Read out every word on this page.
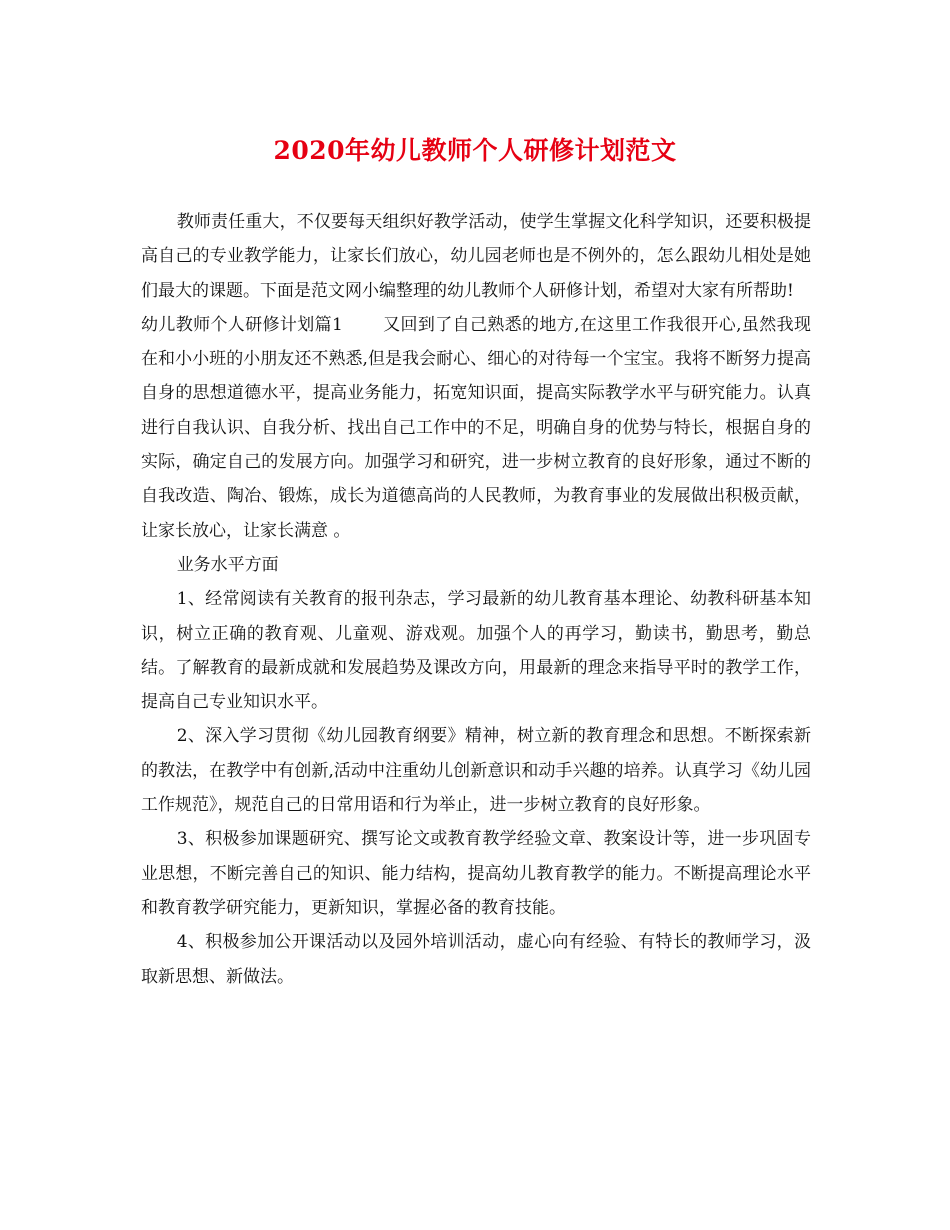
2020年幼儿教师个人研修计划范文

教师责任重大，不仅要每天组织好教学活动，使学生掌握文化科学知识，还要积极提高自己的专业教学能力，让家长们放心，幼儿园老师也是不例外的，怎么跟幼儿相处是她们最大的课题。下面是范文网小编整理的幼儿教师个人研修计划，希望对大家有所帮助!

幼儿教师个人研修计划篇1 又回到了自己熟悉的地方,在这里工作我很开心,虽然我现在和小小班的小朋友还不熟悉,但是我会耐心、细心的对待每一个宝宝。我将不断努力提高自身的思想道德水平，提高业务能力，拓宽知识面，提高实际教学水平与研究能力。认真进行自我认识、自我分析、找出自己工作中的不足，明确自身的优势与特长，根据自身的实际，确定自己的发展方向。加强学习和研究，进一步树立教育的良好形象，通过不断的自我改造、陶冶、锻炼，成长为道德高尚的人民教师，为教育事业的发展做出积极贡献，让家长放心，让家长满意 。

业务水平方面

1、经常阅读有关教育的报刊杂志，学习最新的幼儿教育基本理论、幼教科研基本知识，树立正确的教育观、儿童观、游戏观。加强个人的再学习，勤读书，勤思考，勤总结。了解教育的最新成就和发展趋势及课改方向，用最新的理念来指导平时的教学工作，提高自己专业知识水平。

2、深入学习贯彻《幼儿园教育纲要》精神，树立新的教育理念和思想。不断探索新的教法，在教学中有创新,活动中注重幼儿创新意识和动手兴趣的培养。认真学习《幼儿园工作规范》，规范自己的日常用语和行为举止，进一步树立教育的良好形象。

3、积极参加课题研究、撰写论文或教育教学经验文章、教案设计等，进一步巩固专业思想，不断完善自己的知识、能力结构，提高幼儿教育教学的能力。不断提高理论水平和教育教学研究能力，更新知识，掌握必备的教育技能。

4、积极参加公开课活动以及园外培训活动，虚心向有经验、有特长的教师学习，汲取新思想、新做法。
